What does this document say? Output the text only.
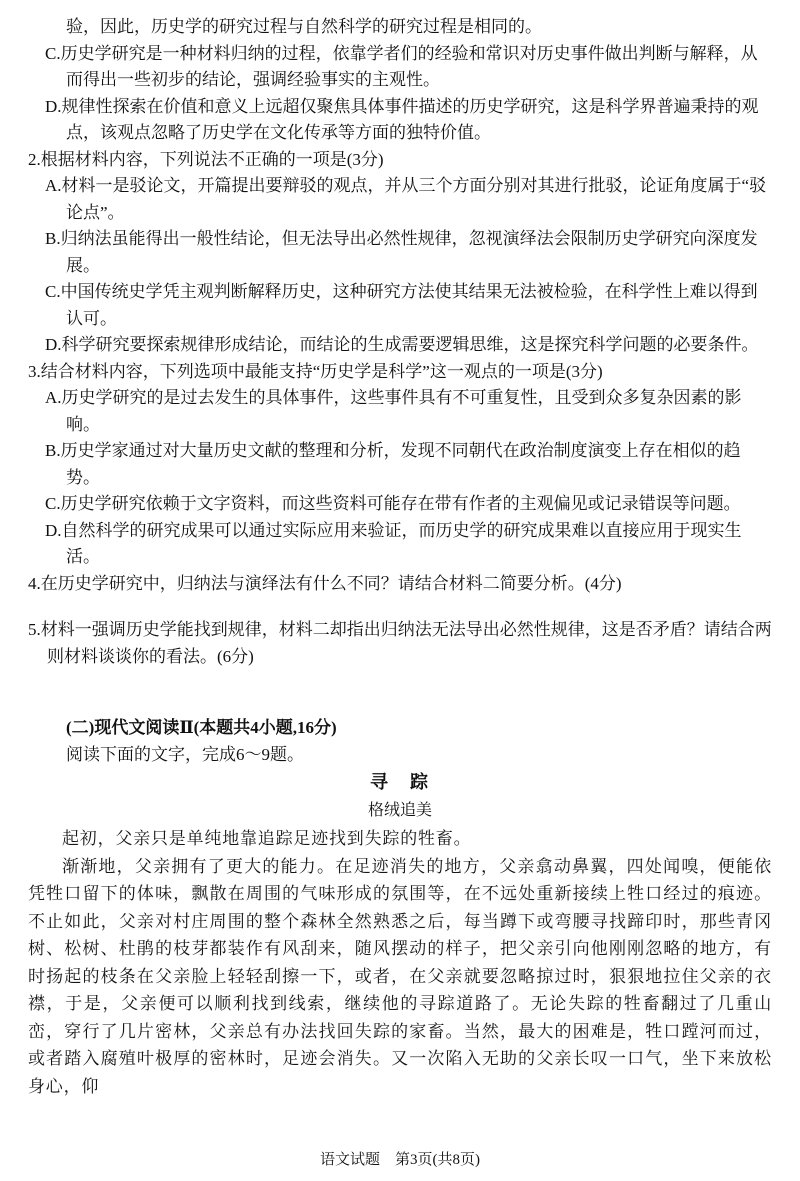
验，因此，历史学的研究过程与自然科学的研究过程是相同的。

C.历史学研究是一种材料归纳的过程，依靠学者们的经验和常识对历史事件做出判断与解释，从而得出一些初步的结论，强调经验事实的主观性。

D.规律性探索在价值和意义上远超仅聚焦具体事件描述的历史学研究，这是科学界普遍秉持的观点，该观点忽略了历史学在文化传承等方面的独特价值。

2.根据材料内容，下列说法不正确的一项是(3分)

A.材料一是驳论文，开篇提出要辩驳的观点，并从三个方面分别对其进行批驳，论证角度属于“驳论点”。

B.归纳法虽能得出一般性结论，但无法导出必然性规律，忽视演绎法会限制历史学研究向深度发展。

C.中国传统史学凭主观判断解释历史，这种研究方法使其结果无法被检验，在科学性上难以得到认可。

D.科学研究要探索规律形成结论，而结论的生成需要逻辑思维，这是探究科学问题的必要条件。

3.结合材料内容，下列选项中最能支持“历史学是科学”这一观点的一项是(3分)

A.历史学研究的是过去发生的具体事件，这些事件具有不可重复性，且受到众多复杂因素的影响。

B.历史学家通过对大量历史文献的整理和分析，发现不同朝代在政治制度演变上存在相似的趋势。

C.历史学研究依赖于文字资料，而这些资料可能存在带有作者的主观偏见或记录错误等问题。

D.自然科学的研究成果可以通过实际应用来验证，而历史学的研究成果难以直接应用于现实生活。

4.在历史学研究中，归纳法与演绎法有什么不同？请结合材料二简要分析。(4分)

5.材料一强调历史学能找到规律，材料二却指出归纳法无法导出必然性规律，这是否矛盾？请结合两则材料谈谈你的看法。(6分)

(二)现代文阅读Ⅱ(本题共4小题,16分)

阅读下面的文字，完成6～9题。

寻　踪

格绒追美

起初，父亲只是单纯地靠追踪足迹找到失踪的牲畜。

渐渐地，父亲拥有了更大的能力。在足迹消失的地方，父亲翕动鼻翼，四处闻嗅，便能依凭牲口留下的体味，飘散在周围的气味形成的氛围等，在不远处重新接续上牲口经过的痕迹。不止如此，父亲对村庄周围的整个森林全然熟悉之后，每当蹲下或弯腰寻找蹄印时，那些青冈树、松树、杜鹃的枝芽都装作有风刮来，随风摆动的样子，把父亲引向他刚刚忽略的地方，有时扬起的枝条在父亲脸上轻轻刮擦一下，或者，在父亲就要忽略掠过时，狠狠地拉住父亲的衣襟，于是，父亲便可以顺利找到线索，继续他的寻踪道路了。无论失踪的牲畜翻过了几重山峦，穿行了几片密林，父亲总有办法找回失踪的家畜。当然，最大的困难是，牲口蹚河而过，或者踏入腐殖叶极厚的密林时，足迹会消失。又一次陷入无助的父亲长叹一口气，坐下来放松身心，仰

语文试题　第3页(共8页)
